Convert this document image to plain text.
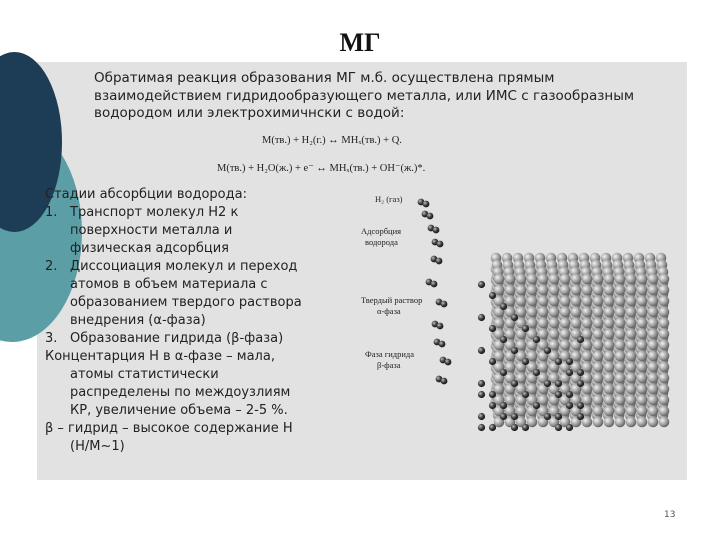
МГ
Обратимая реакция образования МГ м.б. осуществлена прямым взаимодействием гидридообразующего металла, или ИМС с газообразным водородом или электрохимичнски с водой:
M(тв.) + H₂(г.) ↔ MHₓ(тв.) + Q.
M(тв.) + H₂O(ж.) + e⁻ ↔ MHₓ(тв.) + OH⁻(ж.)*.
Стадии абсорбции водорода:
1. Транспорт молекул Н2 к
поверхности металла и
физическая адсорбция
2. Диссоциация молекул и переход
атомов в объем материала с
образованием твердого раствора
внедрения (α-фаза)
3. Образование гидрида (β-фаза)
Концентарция Н в α-фазе – мала,
атомы статистически
распределены по междоузлиям
КР, увеличение объема – 2-5 %.
β – гидрид – высокое содержание Н
(Н/М~1)
H₂ (газ)
Адсорбция
водорода
Твердый раствор
α-фаза
Фаза гидрида
β-фаза
13
